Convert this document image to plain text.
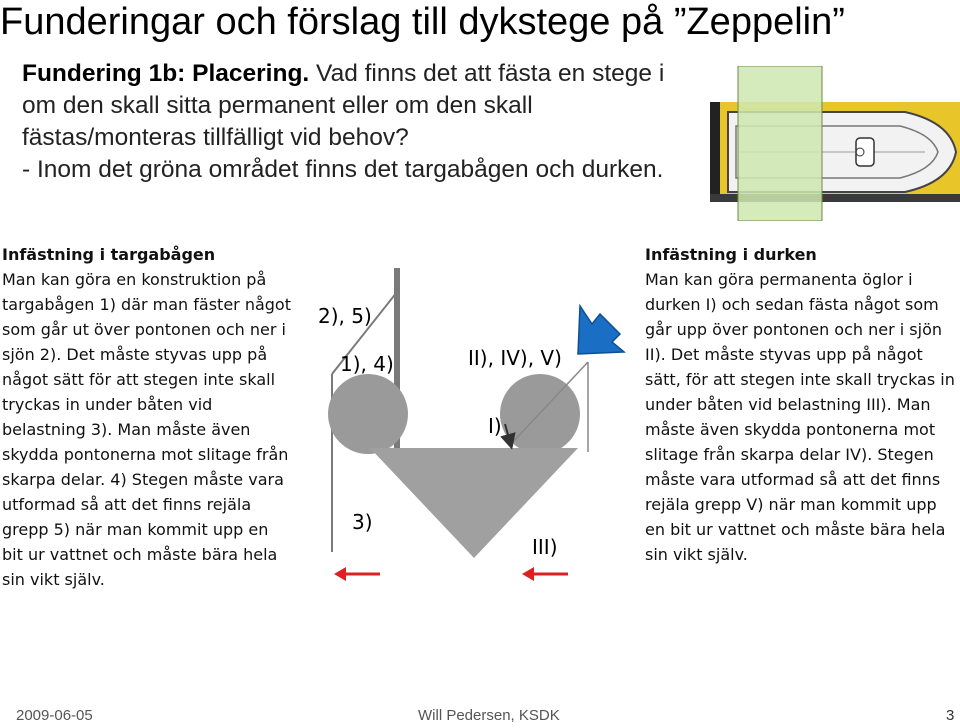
Funderingar och förslag till dykstege på ”Zeppelin”
Fundering 1b: Placering. Vad finns det att fästa en stege i om den skall sitta permanent eller om den skall fästas/monteras tillfälligt vid behov?
- Inom det gröna området finns det targabågen och durken.
Infästning i targabågen
Man kan göra en konstruktion på targabågen 1) där man fäster något som går ut över pontonen och ner i sjön 2). Det måste styvas upp på något sätt för att stegen inte skall tryckas in under båten vid belastning 3). Man måste även skydda pontonerna mot slitage från skarpa delar. 4) Stegen måste vara utformad så att det finns rejäla grepp 5) när man kommit upp en bit ur vattnet och måste bära hela sin vikt själv.
Infästning i durken
Man kan göra permanenta öglor i durken I) och sedan fästa något som går upp över pontonen och ner i sjön II). Det måste styvas upp på något sätt, för att stegen inte skall tryckas in under båten vid belastning III). Man måste även skydda pontonerna mot slitage från skarpa delar IV). Stegen måste vara utformad så att det finns rejäla grepp V) när man kommit upp en bit ur vattnet och måste bära hela sin vikt själv.
2), 5)
1), 4)
3)
II), IV), V)
I)
III)
2009-06-05	Will Pedersen, KSDK	3
